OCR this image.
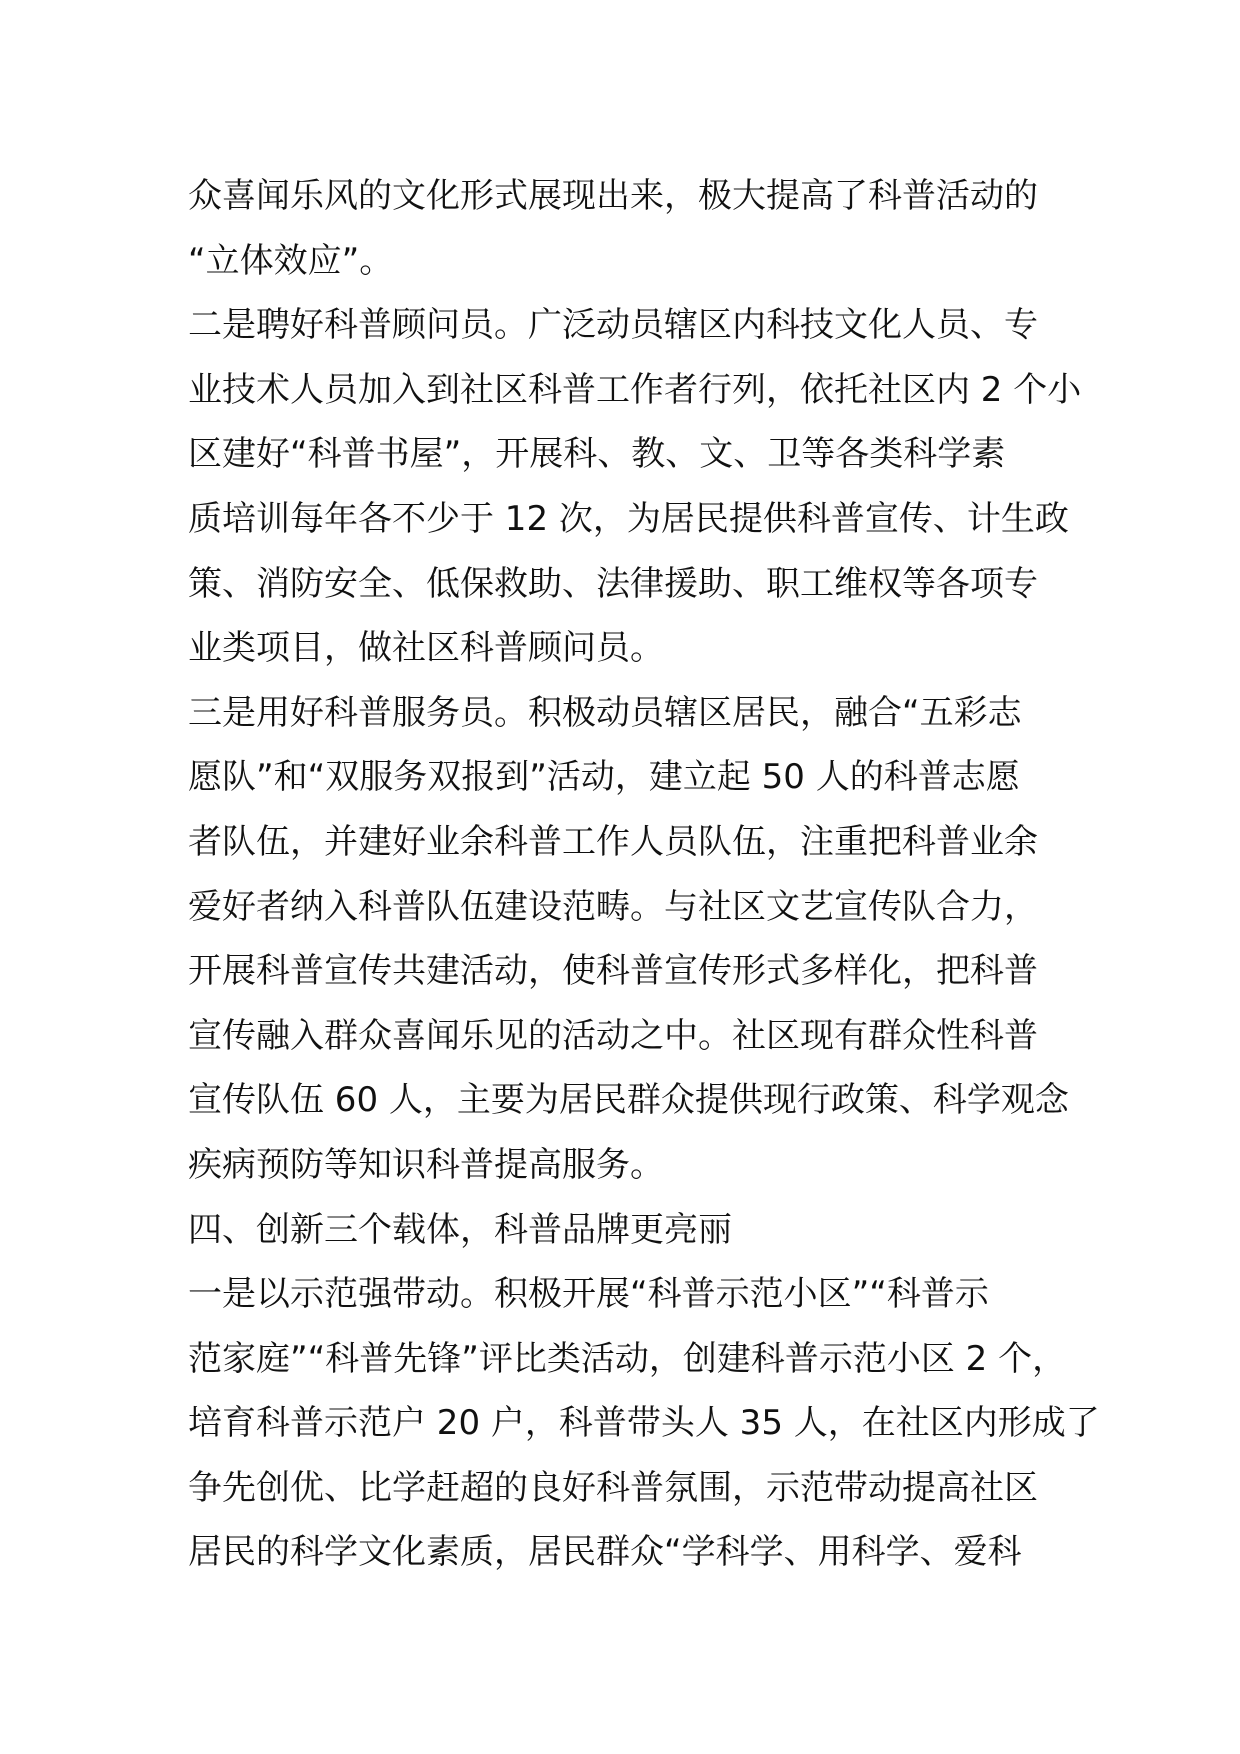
众喜闻乐风的文化形式展现出来，极大提高了科普活动的
“立体效应”。
二是聘好科普顾问员。广泛动员辖区内科技文化人员、专
业技术人员加入到社区科普工作者行列，依托社区内 2 个小
区建好“科普书屋”，开展科、教、文、卫等各类科学素
质培训每年各不少于 12 次，为居民提供科普宣传、计生政
策、消防安全、低保救助、法律援助、职工维权等各项专
业类项目，做社区科普顾问员。
三是用好科普服务员。积极动员辖区居民，融合“五彩志
愿队”和“双服务双报到”活动，建立起 50 人的科普志愿
者队伍，并建好业余科普工作人员队伍，注重把科普业余
爱好者纳入科普队伍建设范畴。与社区文艺宣传队合力，
开展科普宣传共建活动，使科普宣传形式多样化，把科普
宣传融入群众喜闻乐见的活动之中。社区现有群众性科普
宣传队伍 60 人，主要为居民群众提供现行政策、科学观念
疾病预防等知识科普提高服务。
四、创新三个载体，科普品牌更亮丽
一是以示范强带动。积极开展“科普示范小区”“科普示
范家庭”“科普先锋”评比类活动，创建科普示范小区 2 个，
培育科普示范户 20 户，科普带头人 35 人，在社区内形成了
争先创优、比学赶超的良好科普氛围，示范带动提高社区
居民的科学文化素质，居民群众“学科学、用科学、爱科
